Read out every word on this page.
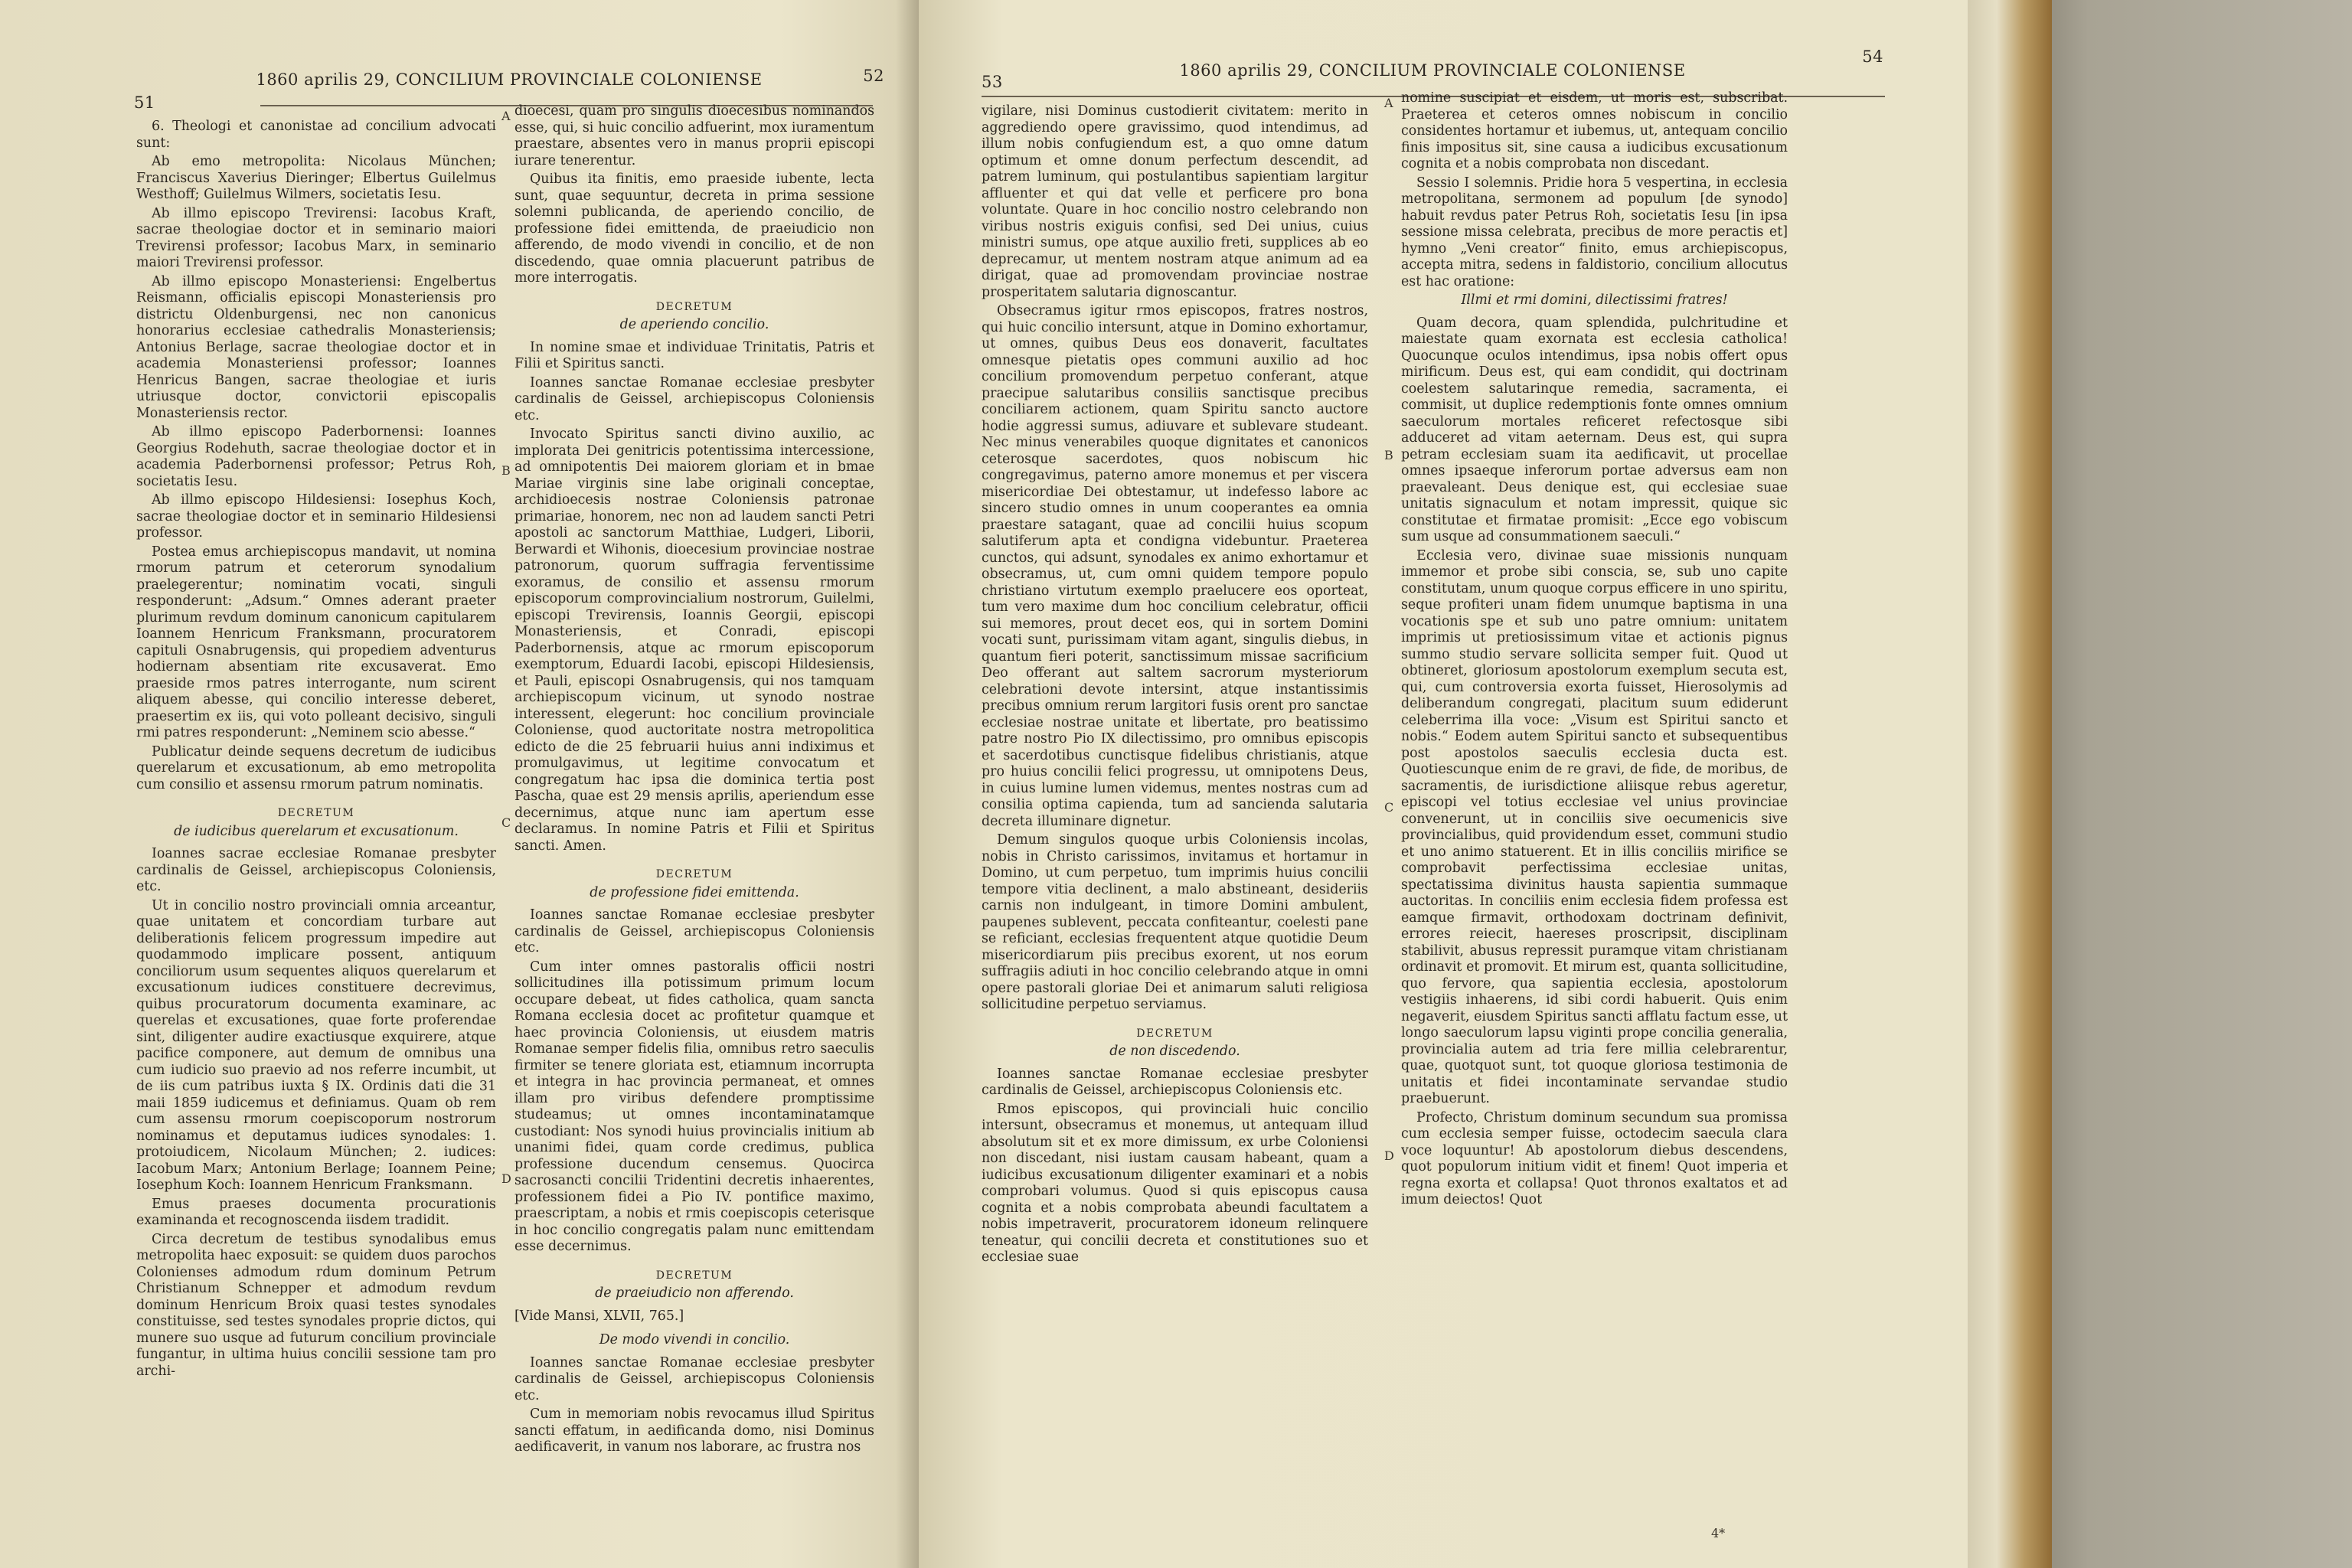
51
1860 aprilis 29, CONCILIUM PROVINCIALE COLONIENSE	52

6. Theologi et canonistae ad concilium advocati sunt:

Ab emo metropolita: Nicolaus München; Franciscus Xaverius Dieringer; Elbertus Guilelmus Westhoff; Guilelmus Wilmers, societatis Iesu.

Ab illmo episcopo Trevirensi: Iacobus Kraft, sacrae theologiae doctor et in seminario maiori Trevirensi professor; Iacobus Marx, in seminario maiori Trevirensi professor.

Ab illmo episcopo Monasteriensi: Engelbertus Reismann, officialis episcopi Monasteriensis pro districtu Oldenburgensi, nec non canonicus honorarius ecclesiae cathedralis Monasteriensis; Antonius Berlage, sacrae theologiae doctor et in academia Monasteriensi professor; Ioannes Henricus Bangen, sacrae theologiae et iuris utriusque doctor, convictorii episcopalis Monasteriensis rector.

Ab illmo episcopo Paderbornensi: Ioannes Georgius Rodehuth, sacrae theologiae doctor et in academia Paderbornensi professor; Petrus Roh, societatis Iesu.

Ab illmo episcopo Hildesiensi: Iosephus Koch, sacrae theologiae doctor et in seminario Hildesiensi professor.

Postea emus archiepiscopus mandavit, ut nomina rmorum patrum et ceterorum synodalium praelegerentur; nominatim vocati, singuli responderunt: „Adsum.“ Omnes aderant praeter plurimum revdum dominum canonicum capitularem Ioannem Henricum Franksmann, procuratorem capituli Osnabrugensis, qui propediem adventurus hodiernam absentiam rite excusaverat. Emo praeside rmos patres interrogante, num scirent aliquem abesse, qui concilio interesse deberet, praesertim ex iis, qui voto polleant decisivo, singuli rmi patres responderunt: „Neminem scio abesse.“

Publicatur deinde sequens decretum de iudicibus querelarum et excusationum, ab emo metropolita cum consilio et assensu rmorum patrum nominatis.

DECRETUM

de iudicibus querelarum et excusationum.

Ioannes sacrae ecclesiae Romanae presbyter cardinalis de Geissel, archiepiscopus Coloniensis, etc.

Ut in concilio nostro provinciali omnia arceantur, quae unitatem et concordiam turbare aut deliberationis felicem progressum impedire aut quodammodo implicare possent, antiquum conciliorum usum sequentes aliquos querelarum et excusationum iudices constituere decrevimus, quibus procuratorum documenta examinare, ac querelas et excusationes, quae forte proferendae sint, diligenter audire exactiusque exquirere, atque pacifice componere, aut demum de omnibus una cum iudicio suo praevio ad nos referre incumbit, ut de iis cum patribus iuxta § IX. Ordinis dati die 31 maii 1859 iudicemus et definiamus. Quam ob rem cum assensu rmorum coepiscoporum nostrorum nominamus et deputamus iudices synodales: 1. protoiudicem, Nicolaum München; 2. iudices: Iacobum Marx; Antonium Berlage; Ioannem Peine; Iosephum Koch: Ioannem Henricum Franksmann.

Emus praeses documenta procurationis examinanda et recognoscenda iisdem tradidit.

Circa decretum de testibus synodalibus emus metropolita haec exposuit: se quidem duos parochos Colonienses admodum rdum dominum Petrum Christianum Schnepper et admodum revdum dominum Henricum Broix quasi testes synodales constituisse, sed testes synodales proprie dictos, qui munere suo usque ad futurum concilium provinciale fungantur, in ultima huius concilii sessione tam pro archi-

dioecesi, quam pro singulis dioecesibus nominandos esse, qui, si huic concilio adfuerint, mox iuramentum praestare, absentes vero in manus proprii episcopi iurare tenerentur.

Quibus ita finitis, emo praeside iubente, lecta sunt, quae sequuntur, decreta in prima sessione solemni publicanda, de aperiendo concilio, de professione fidei emittenda, de praeiudicio non afferendo, de modo vivendi in concilio, et de non discedendo, quae omnia placuerunt patribus de more interrogatis.

DECRETUM

de aperiendo concilio.

In nomine smae et individuae Trinitatis, Patris et Filii et Spiritus sancti.

Ioannes sanctae Romanae ecclesiae presbyter cardinalis de Geissel, archiepiscopus Coloniensis etc.

Invocato Spiritus sancti divino auxilio, ac implorata Dei genitricis potentissima intercessione, ad omnipotentis Dei maiorem gloriam et in bmae Mariae virginis sine labe originali conceptae, archidioecesis nostrae Coloniensis patronae primariae, honorem, nec non ad laudem sancti Petri apostoli ac sanctorum Matthiae, Ludgeri, Liborii, Berwardi et Wihonis, dioecesium provinciae nostrae patronorum, quorum suffragia ferventissime exoramus, de consilio et assensu rmorum episcoporum comprovincialium nostrorum, Guilelmi, episcopi Trevirensis, Ioannis Georgii, episcopi Monasteriensis, et Conradi, episcopi Paderbornensis, atque ac rmorum episcoporum exemptorum, Eduardi Iacobi, episcopi Hildesiensis, et Pauli, episcopi Osnabrugensis, qui nos tamquam archiepiscopum vicinum, ut synodo nostrae interessent, elegerunt: hoc concilium provinciale Coloniense, quod auctoritate nostra metropolitica edicto de die 25 februarii huius anni indiximus et promulgavimus, ut legitime convocatum et congregatum hac ipsa die dominica tertia post Pascha, quae est 29 mensis aprilis, aperiendum esse decernimus, atque nunc iam apertum esse declaramus. In nomine Patris et Filii et Spiritus sancti. Amen.

DECRETUM

de professione fidei emittenda.

Ioannes sanctae Romanae ecclesiae presbyter cardinalis de Geissel, archiepiscopus Coloniensis etc.

Cum inter omnes pastoralis officii nostri sollicitudines illa potissimum primum locum occupare debeat, ut fides catholica, quam sancta Romana ecclesia docet ac profitetur quamque et haec provincia Coloniensis, ut eiusdem matris Romanae semper fidelis filia, omnibus retro saeculis firmiter se tenere gloriata est, etiamnum incorrupta et integra in hac provincia permaneat, et omnes illam pro viribus defendere promptissime studeamus; ut omnes incontaminatamque custodiant: Nos synodi huius provincialis initium ab unanimi fidei, quam corde credimus, publica professione ducendum censemus. Quocirca sacrosancti concilii Tridentini decretis inhaerentes, professionem fidei a Pio IV. pontifice maximo, praescriptam, a nobis et rmis coepiscopis ceterisque in hoc concilio congregatis palam nunc emittendam esse decernimus.

DECRETUM

de praeiudicio non afferendo.

[Vide Mansi, XLVII, 765.]

De modo vivendi in concilio.

Ioannes sanctae Romanae ecclesiae presbyter cardinalis de Geissel, archiepiscopus Coloniensis etc.

Cum in memoriam nobis revocamus illud Spiritus sancti effatum, in aedificanda domo, nisi Dominus aedificaverit, in vanum nos laborare, ac frustra nos

A
B
C
D
53
1860 aprilis 29, CONCILIUM PROVINCIALE COLONIENSE
54

vigilare, nisi Dominus custodierit civitatem: merito in aggrediendo opere gravissimo, quod intendimus, ad illum nobis confugiendum est, a quo omne datum optimum et omne donum perfectum descendit, ad patrem luminum, qui postulantibus sapientiam largitur affluenter et qui dat velle et perficere pro bona voluntate. Quare in hoc concilio nostro celebrando non viribus nostris exiguis confisi, sed Dei unius, cuius ministri sumus, ope atque auxilio freti, supplices ab eo deprecamur, ut mentem nostram atque animum ad ea dirigat, quae ad promovendam provinciae nostrae prosperitatem salutaria dignoscantur.

Obsecramus igitur rmos episcopos, fratres nostros, qui huic concilio intersunt, atque in Domino exhortamur, ut omnes, quibus Deus eos donaverit, facultates omnesque pietatis opes communi auxilio ad hoc concilium promovendum perpetuo conferant, atque praecipue salutaribus consiliis sanctisque precibus conciliarem actionem, quam Spiritu sancto auctore hodie aggressi sumus, adiuvare et sublevare studeant. Nec minus venerabiles quoque dignitates et canonicos ceterosque sacerdotes, quos nobiscum hic congregavimus, paterno amore monemus et per viscera misericordiae Dei obtestamur, ut indefesso labore ac sincero studio omnes in unum cooperantes ea omnia praestare satagant, quae ad concilii huius scopum salutiferum apta et condigna videbuntur. Praeterea cunctos, qui adsunt, synodales ex animo exhortamur et obsecramus, ut, cum omni quidem tempore populo christiano virtutum exemplo praelucere eos oporteat, tum vero maxime dum hoc concilium celebratur, officii sui memores, prout decet eos, qui in sortem Domini vocati sunt, purissimam vitam agant, singulis diebus, in quantum fieri poterit, sanctissimum missae sacrificium Deo offerant aut saltem sacrorum mysteriorum celebrationi devote intersint, atque instantissimis precibus omnium rerum largitori fusis orent pro sanctae ecclesiae nostrae unitate et libertate, pro beatissimo patre nostro Pio IX dilectissimo, pro omnibus episcopis et sacerdotibus cunctisque fidelibus christianis, atque pro huius concilii felici progressu, ut omnipotens Deus, in cuius lumine lumen videmus, mentes nostras cum ad consilia optima capienda, tum ad sancienda salutaria decreta illuminare dignetur.

Demum singulos quoque urbis Coloniensis incolas, nobis in Christo carissimos, invitamus et hortamur in Domino, ut cum perpetuo, tum imprimis huius concilii tempore vitia declinent, a malo abstineant, desideriis carnis non indulgeant, in timore Domini ambulent, paupenes sublevent, peccata confiteantur, coelesti pane se reficiant, ecclesias frequentent atque quotidie Deum misericordiarum piis precibus exorent, ut nos eorum suffragiis adiuti in hoc concilio celebrando atque in omni opere pastorali gloriae Dei et animarum saluti religiosa sollicitudine perpetuo serviamus.

DECRETUM

de non discedendo.

Ioannes sanctae Romanae ecclesiae presbyter cardinalis de Geissel, archiepiscopus Coloniensis etc.

Rmos episcopos, qui provinciali huic concilio intersunt, obsecramus et monemus, ut antequam illud absolutum sit et ex more dimissum, ex urbe Coloniensi non discedant, nisi iustam causam habeant, quam a iudicibus excusationum diligenter examinari et a nobis comprobari volumus. Quod si quis episcopus causa cognita et a nobis comprobata abeundi facultatem a nobis impetraverit, procuratorem idoneum relinquere teneatur, qui concilii decreta et constitutiones suo et ecclesiae suae

nomine suscipiat et eisdem, ut moris est, subscribat. Praeterea et ceteros omnes nobiscum in concilio considentes hortamur et iubemus, ut, antequam concilio finis impositus sit, sine causa a iudicibus excusationum cognita et a nobis comprobata non discedant.

Sessio I solemnis. Pridie hora 5 vespertina, in ecclesia metropolitana, sermonem ad populum [de synodo] habuit revdus pater Petrus Roh, societatis Iesu [in ipsa sessione missa celebrata, precibus de more peractis et] hymno „Veni creator“ finito, emus archiepiscopus, accepta mitra, sedens in faldistorio, concilium allocutus est hac oratione:

Illmi et rmi domini, dilectissimi fratres!

Quam decora, quam splendida, pulchritudine et maiestate quam exornata est ecclesia catholica! Quocunque oculos intendimus, ipsa nobis offert opus mirificum. Deus est, qui eam condidit, qui doctrinam coelestem salutarinque remedia, sacramenta, ei commisit, ut duplice redemptionis fonte omnes omnium saeculorum mortales reficeret refectosque sibi adduceret ad vitam aeternam. Deus est, qui supra petram ecclesiam suam ita aedificavit, ut procellae omnes ipsaeque inferorum portae adversus eam non praevaleant. Deus denique est, qui ecclesiae suae unitatis signaculum et notam impressit, quique sic constitutae et firmatae promisit: „Ecce ego vobiscum sum usque ad consummationem saeculi.“

Ecclesia vero, divinae suae missionis nunquam immemor et probe sibi conscia, se, sub uno capite constitutam, unum quoque corpus efficere in uno spiritu, seque profiteri unam fidem unumque baptisma in una vocationis spe et sub uno patre omnium: unitatem imprimis ut pretiosissimum vitae et actionis pignus summo studio servare sollicita semper fuit. Quod ut obtineret, gloriosum apostolorum exemplum secuta est, qui, cum controversia exorta fuisset, Hierosolymis ad deliberandum congregati, placitum suum ediderunt celeberrima illa voce: „Visum est Spiritui sancto et nobis.“ Eodem autem Spiritui sancto et subsequentibus post apostolos saeculis ecclesia ducta est. Quotiescunque enim de re gravi, de fide, de moribus, de sacramentis, de iurisdictione aliisque rebus ageretur, episcopi vel totius ecclesiae vel unius provinciae convenerunt, ut in conciliis sive oecumenicis sive provincialibus, quid providendum esset, communi studio et uno animo statuerent. Et in illis conciliis mirifice se comprobavit perfectissima ecclesiae unitas, spectatissima divinitus hausta sapientia summaque auctoritas. In conciliis enim ecclesia fidem professa est eamque firmavit, orthodoxam doctrinam definivit, errores reiecit, haereses proscripsit, disciplinam stabilivit, abusus repressit puramque vitam christianam ordinavit et promovit. Et mirum est, quanta sollicitudine, quo fervore, qua sapientia ecclesia, apostolorum vestigiis inhaerens, id sibi cordi habuerit. Quis enim negaverit, eiusdem Spiritus sancti afflatu factum esse, ut longo saeculorum lapsu viginti prope concilia generalia, provincialia autem ad tria fere millia celebrarentur, quae, quotquot sunt, tot quoque gloriosa testimonia de unitatis et fidei incontaminate servandae studio praebuerunt.

Profecto, Christum dominum secundum sua promissa cum ecclesia semper fuisse, octodecim saecula clara voce loquuntur! Ab apostolorum diebus descendens, quot populorum initium vidit et finem! Quot imperia et regna exorta et collapsa! Quot thronos exaltatos et ad imum deiectos! Quot

A
B
C
D
4*
